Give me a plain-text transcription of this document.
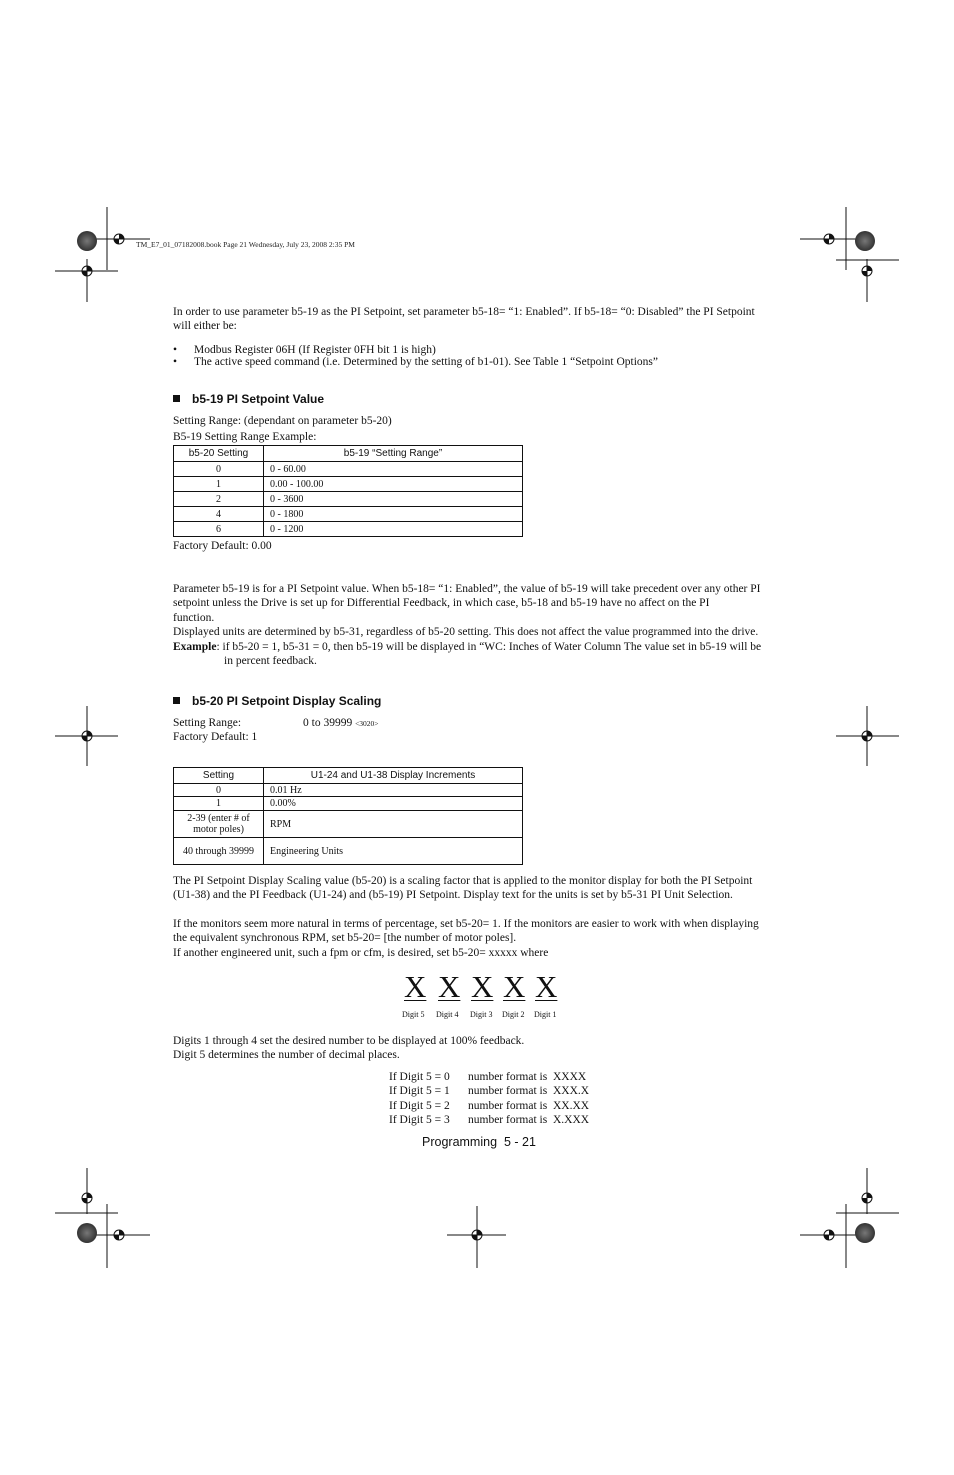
TM_E7_01_07182008.book Page 21 Wednesday, July 23, 2008 2:35 PM
In order to use parameter b5-19 as the PI Setpoint, set parameter b5-18= “1: Enabled”. If b5-18= “0: Disabled” the PI Setpoint
will either be:
• Modbus Register 06H (If Register 0FH bit 1 is high)
• The active speed command (i.e. Determined by the setting of b1-01). See Table 1 “Setpoint Options”
b5-19 PI Setpoint Value
Setting Range: (dependant on parameter b5-20)
B5-19 Setting Range Example:
b5-20 Setting	b5-19 “Setting Range”
0	0 - 60.00
1	0.00 - 100.00
2	0 - 3600
4	0 - 1800
6	0 - 1200
Factory Default: 0.00
Parameter b5-19 is for a PI Setpoint value. When b5-18= “1: Enabled”, the value of b5-19 will take precedent over any other PI
setpoint unless the Drive is set up for Differential Feedback, in which case, b5-18 and b5-19 have no affect on the PI
function.
Displayed units are determined by b5-31, regardless of b5-20 setting. This does not affect the value programmed into the drive.
Example: if b5-20 = 1, b5-31 = 0, then b5-19 will be displayed in “WC: Inches of Water Column The value set in b5-19 will be
in percent feedback.
b5-20 PI Setpoint Display Scaling
Setting Range:	0 to 39999 <3020>
Factory Default: 1
Setting	U1-24 and U1-38 Display Increments
0	0.01 Hz
1	0.00%
2-39 (enter # of motor poles)	RPM
40 through 39999	Engineering Units
The PI Setpoint Display Scaling value (b5-20) is a scaling factor that is applied to the monitor display for both the PI Setpoint
(U1-38) and the PI Feedback (U1-24) and (b5-19) PI Setpoint. Display text for the units is set by b5-31 PI Unit Selection.
If the monitors seem more natural in terms of percentage, set b5-20= 1. If the monitors are easier to work with when displaying
the equivalent synchronous RPM, set b5-20= [the number of motor poles].
If another engineered unit, such a fpm or cfm, is desired, set b5-20= xxxxx where
X X X X X
Digit 5 Digit 4 Digit 3 Digit 2 Digit 1
Digits 1 through 4 set the desired number to be displayed at 100% feedback.
Digit 5 determines the number of decimal places.
If Digit 5 = 0 number format is  XXXX
If Digit 5 = 1 number format is  XXX.X
If Digit 5 = 2 number format is  XX.XX
If Digit 5 = 3 number format is  X.XXX
Programming  5 - 21
